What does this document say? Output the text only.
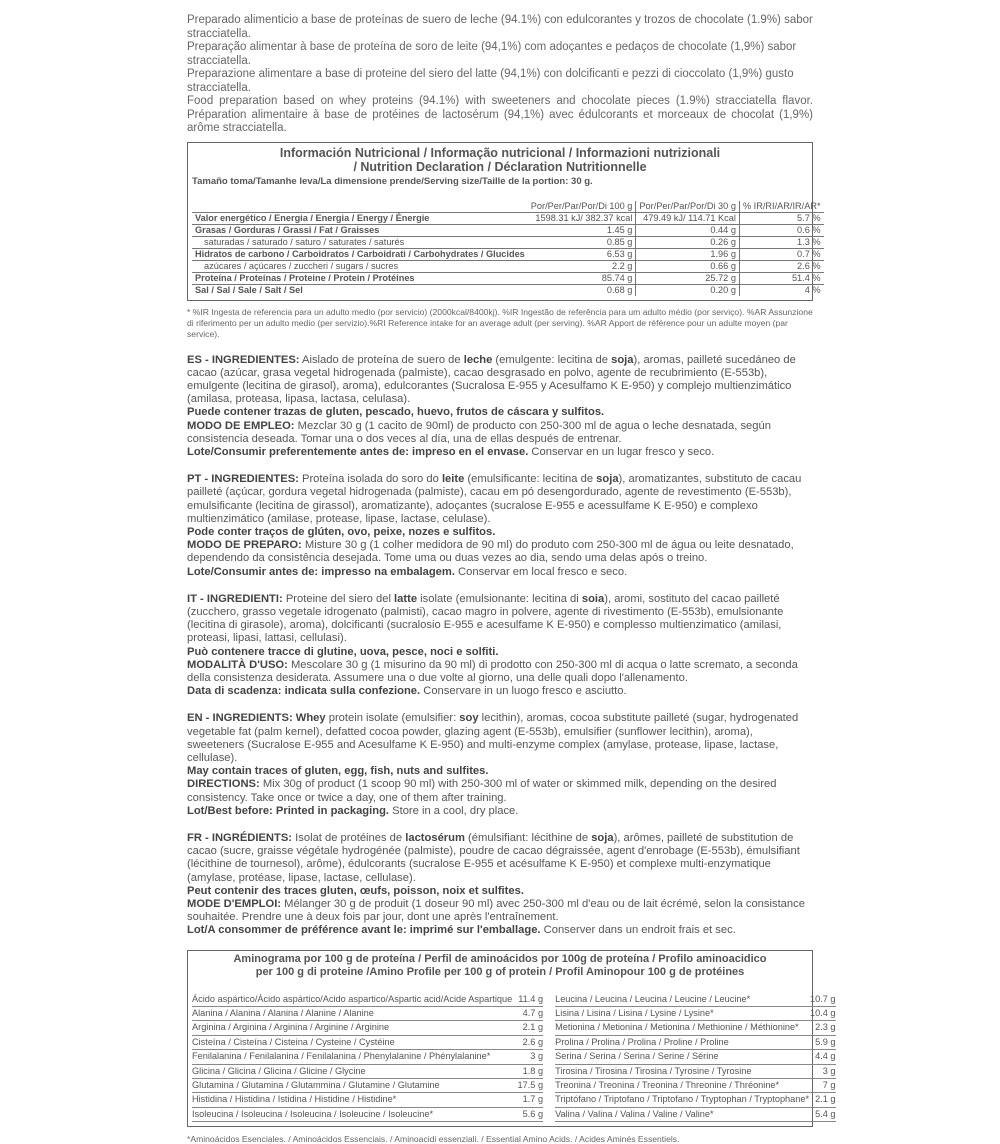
Preparado alimenticio a base de proteínas de suero de leche (94.1%) con edulcorantes y trozos de chocolate (1.9%) sabor stracciatella.

Preparação alimentar à base de proteína de soro de leite (94,1%) com adoçantes e pedaços de chocolate (1,9%) sabor stracciatella.

Preparazione alimentare a base di proteine del siero del latte (94,1%) con dolcificanti e pezzi di cioccolato (1,9%) gusto stracciatella.

Food preparation based on whey proteins (94.1%) with sweeteners and chocolate pieces (1.9%) stracciatella flavor. Préparation alimentaire à base de protéines de lactosérum (94,1%) avec édulcorants et morceaux de chocolat (1,9%) arôme stracciatella.

Información Nutricional / Informação nutricional / Informazioni nutrizionali
/ Nutrition Declaration / Déclaration Nutritionnelle
Tamaño toma/Tamanhe leva/La dimensione prende/Serving size/Taille de la portion: 30 g.
	Por/Per/Par/Por/Di 100 g	Por/Per/Par/Por/Di 30 g	% IR/RI/AR/IR/AR*
Valor energético / Energia / Energia / Energy / Énergie	1598.31 kJ/ 382.37 kcal	479.49 kJ/ 114.71 Kcal	5.7 %
Grasas / Gorduras / Grassi / Fat / Graisses	1.45 g	0.44 g	0.6 %
saturadas / saturado / saturo / saturates / saturés	0.85 g	0.26 g	1.3 %
Hidratos de carbono / Carboidratos / Carboidrati / Carbohydrates / Glucides	6.53 g	1.96 g	0.7 %
azúcares / açúcares / zuccheri / sugars / sucres	2.2 g	0.66 g	2.6 %
Proteína / Proteínas / Proteine / Protein / Protéines	85.74 g	25.72 g	51.4 %
Sal / Sal / Sale / Salt / Sel	0.68 g	0.20 g	4 %

* %IR Ingesta de referencia para un adulto medio (por servicio) (2000kcal/8400kj). %IR Ingestão de referência para um adulto médio (por serviço). %AR Assunzione di riferimento per un adulto medio (per servizio).%RI Reference intake for an average adult (per serving). %AR Apport de référence pour un adulte moyen (par service).

ES - INGREDIENTES: Aislado de proteína de suero de leche (emulgente: lecitina de soja), aromas, pailleté sucedáneo de cacao (azúcar, grasa vegetal hidrogenada (palmiste), cacao desgrasado en polvo, agente de recubrimiento (E-553b), emulgente (lecitina de girasol), aroma), edulcorantes (Sucralosa E-955 y Acesulfamo K E-950) y complejo multienzimático (amilasa, proteasa, lipasa, lactasa, celulasa).
Puede contener trazas de gluten, pescado, huevo, frutos de cáscara y sulfitos.
MODO DE EMPLEO: Mezclar 30 g (1 cacito de 90ml) de producto con 250-300 ml de agua o leche desnatada, según consistencia deseada. Tomar una o dos veces al día, una de ellas después de entrenar.
Lote/Consumir preferentemente antes de: impreso en el envase. Conservar en un lugar fresco y seco.

PT - INGREDIENTES: Proteína isolada do soro do leite (emulsificante: lecitina de soja), aromatizantes, substituto de cacau pailleté (açúcar, gordura vegetal hidrogenada (palmiste), cacau em pó desengordurado, agente de revestimento (E-553b), emulsificante (lecitina de girassol), aromatizante), adoçantes (sucralose E-955 e acessulfame K E-950) e complexo multienzimático (amilase, protease, lipase, lactase, celulase).
Pode conter traços de glúten, ovo, peixe, nozes e sulfitos.
MODO DE PREPARO: Misture 30 g (1 colher medidora de 90 ml) do produto com 250-300 ml de água ou leite desnatado, dependendo da consistência desejada. Tome uma ou duas vezes ao dia, sendo uma delas após o treino.
Lote/Consumir antes de: impresso na embalagem. Conservar em local fresco e seco.

IT - INGREDIENTI: Proteine del siero del latte isolate (emulsionante: lecitina di soia), aromi, sostituto del cacao pailleté (zucchero, grasso vegetale idrogenato (palmisti), cacao magro in polvere, agente di rivestimento (E-553b), emulsionante (lecitina di girasole), aroma), dolcificanti (sucralosio E-955 e acesulfame K E-950) e complesso multienzimatico (amilasi, proteasi, lipasi, lattasi, cellulasi).
Può contenere tracce di glutine, uova, pesce, noci e solfiti.
MODALITÀ D'USO: Mescolare 30 g (1 misurino da 90 ml) di prodotto con 250-300 ml di acqua o latte scremato, a seconda della consistenza desiderata. Assumere una o due volte al giorno, una delle quali dopo l'allenamento.
Data di scadenza: indicata sulla confezione. Conservare in un luogo fresco e asciutto.

EN - INGREDIENTS: Whey protein isolate (emulsifier: soy lecithin), aromas, cocoa substitute pailleté (sugar, hydrogenated vegetable fat (palm kernel), defatted cocoa powder, glazing agent (E-553b), emulsifier (sunflower lecithin), aroma), sweeteners (Sucralose E-955 and Acesulfame K E-950) and multi-enzyme complex (amylase, protease, lipase, lactase, cellulase).
May contain traces of gluten, egg, fish, nuts and sulfites.
DIRECTIONS: Mix 30g of product (1 scoop 90 ml) with 250-300 ml of water or skimmed milk, depending on the desired consistency. Take once or twice a day, one of them after training.
Lot/Best before: Printed in packaging. Store in a cool, dry place.

FR - INGRÉDIENTS: Isolat de protéines de lactosérum (émulsifiant: lécithine de soja), arômes, pailleté de substitution de cacao (sucre, graisse végétale hydrogénée (palmiste), poudre de cacao dégraissée, agent d'enrobage (E-553b), émulsifiant (lécithine de tournesol), arôme), édulcorants (sucralose E-955 et acésulfame K E-950) et complexe multi-enzymatique (amylase, protéase, lipase, lactase, cellulase).
Peut contenir des traces gluten, œufs, poisson, noix et sulfites.
MODE D'EMPLOI: Mélanger 30 g de produit (1 doseur 90 ml) avec 250-300 ml d'eau ou de lait écrémé, selon la consistance souhaitée. Prendre une à deux fois par jour, dont une après l'entraînement.
Lot/A consommer de préférence avant le: imprimé sur l'emballage. Conserver dans un endroit frais et sec.

Aminograma por 100 g de proteína / Perfil de aminoácidos por 100g de proteína / Profilo aminoacidico
per 100 g di proteine /Amino Profile per 100 g of protein / Profil Aminopour 100 g de protéines
Ácido aspártico/Ácido aspártico/Acido aspartico/Aspartic acid/Acide Aspartique 11.4 g
Alanina / Alanina / Alanina / Alanine / Alanine	4.7 g
Arginina / Arginina / Arginina / Arginine / Arginine	2.1 g
Cisteína / Cisteína / Cisteina / Cysteine / Cystéine	2.6 g
Fenilalanina / Fenilalanina / Fenilalanina / Phenylalanine / Phénylalanine*	3 g
Glicina / Glicina / Glicina / Glicine / Glycine	1.8 g
Glutamina / Glutamina / Glutammina / Glutamine / Glutamine	17.5 g
Histidina / Histidina / Istidina / Histidine / Histidine*	1.7 g
Isoleucina / Isoleucina / Isoleucina / Isoleucine / Isoleucine*	5.6 g
Leucina / Leucina / Leucina / Leucine / Leucine*	10.7 g
Lisina / Lisina / Lisina / Lysine / Lysine*	10.4 g
Metionina / Metionina / Metionina / Methionine / Méthionine*	2.3 g
Prolina / Prolina / Prolina / Proline / Proline	5.9 g
Serina / Serina / Serina / Serine / Sérine	4.4 g
Tirosina / Tirosina / Tirosina / Tyrosine / Tyrosine	3 g
Treonina / Treonina / Treonina / Threonine / Thréonine*	7 g
Triptófano / Triptofano / Triptofano / Tryptophan / Tryptophane* 2.1 g
Valina / Valina / Valina / Valine / Valine*	5.4 g
*Aminoácidos Esenciales. / Aminoácidos Essenciais. / Aminoacidi essenziali. / Essential Amino Acids. / Acides Aminés Essentiels.
